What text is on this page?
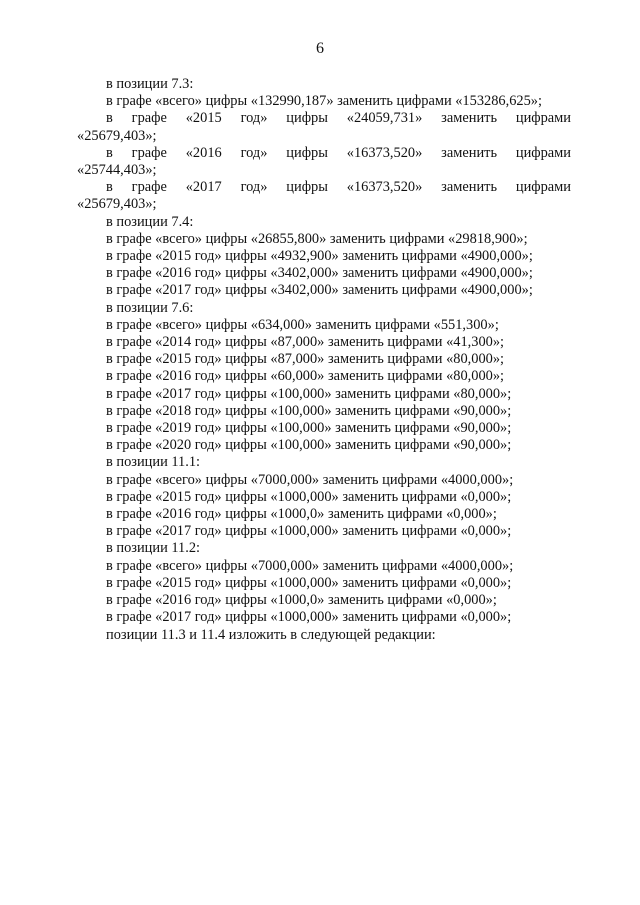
6
в позиции 7.3:
в графе «всего» цифры «132990,187» заменить цифрами «153286,625»;
в графе «2015 год» цифры «24059,731» заменить цифрами
«25679,403»;
в графе «2016 год» цифры «16373,520» заменить цифрами
«25744,403»;
в графе «2017 год» цифры «16373,520» заменить цифрами
«25679,403»;
в позиции 7.4:
в графе «всего» цифры «26855,800» заменить цифрами «29818,900»;
в графе «2015 год» цифры «4932,900» заменить цифрами «4900,000»;
в графе «2016 год» цифры «3402,000» заменить цифрами «4900,000»;
в графе «2017 год» цифры «3402,000» заменить цифрами «4900,000»;
в позиции 7.6:
в графе «всего» цифры «634,000» заменить цифрами «551,300»;
в графе «2014 год» цифры «87,000» заменить цифрами «41,300»;
в графе «2015 год» цифры «87,000» заменить цифрами «80,000»;
в графе «2016 год» цифры «60,000» заменить цифрами «80,000»;
в графе «2017 год» цифры «100,000» заменить цифрами «80,000»;
в графе «2018 год» цифры «100,000» заменить цифрами «90,000»;
в графе «2019 год» цифры «100,000» заменить цифрами «90,000»;
в графе «2020 год» цифры «100,000» заменить цифрами «90,000»;
в позиции 11.1:
в графе «всего» цифры «7000,000» заменить цифрами «4000,000»;
в графе «2015 год» цифры «1000,000» заменить цифрами «0,000»;
в графе «2016 год» цифры «1000,0» заменить цифрами «0,000»;
в графе «2017 год» цифры «1000,000» заменить цифрами «0,000»;
в позиции 11.2:
в графе «всего» цифры «7000,000» заменить цифрами «4000,000»;
в графе «2015 год» цифры «1000,000» заменить цифрами «0,000»;
в графе «2016 год» цифры «1000,0» заменить цифрами «0,000»;
в графе «2017 год» цифры «1000,000» заменить цифрами «0,000»;
позиции 11.3 и 11.4 изложить в следующей редакции:
